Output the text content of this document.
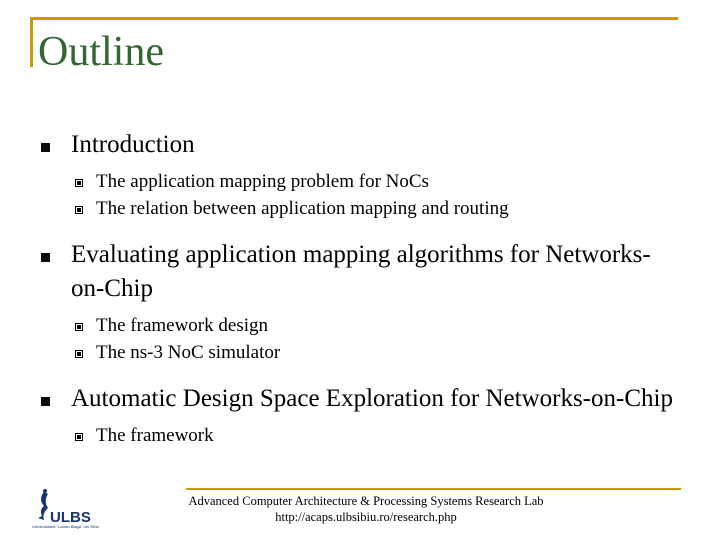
Outline
Introduction
The application mapping problem for NoCs
The relation between application mapping and routing
Evaluating application mapping algorithms for Networks-on-Chip
The framework design
The ns-3 NoC simulator
Automatic Design Space Exploration for Networks-on-Chip
The framework
ULBS
Universitatea "Lucian Blaga" din Sibiu
Advanced Computer Architecture & Processing Systems Research Lab
http://acaps.ulbsibiu.ro/research.php
